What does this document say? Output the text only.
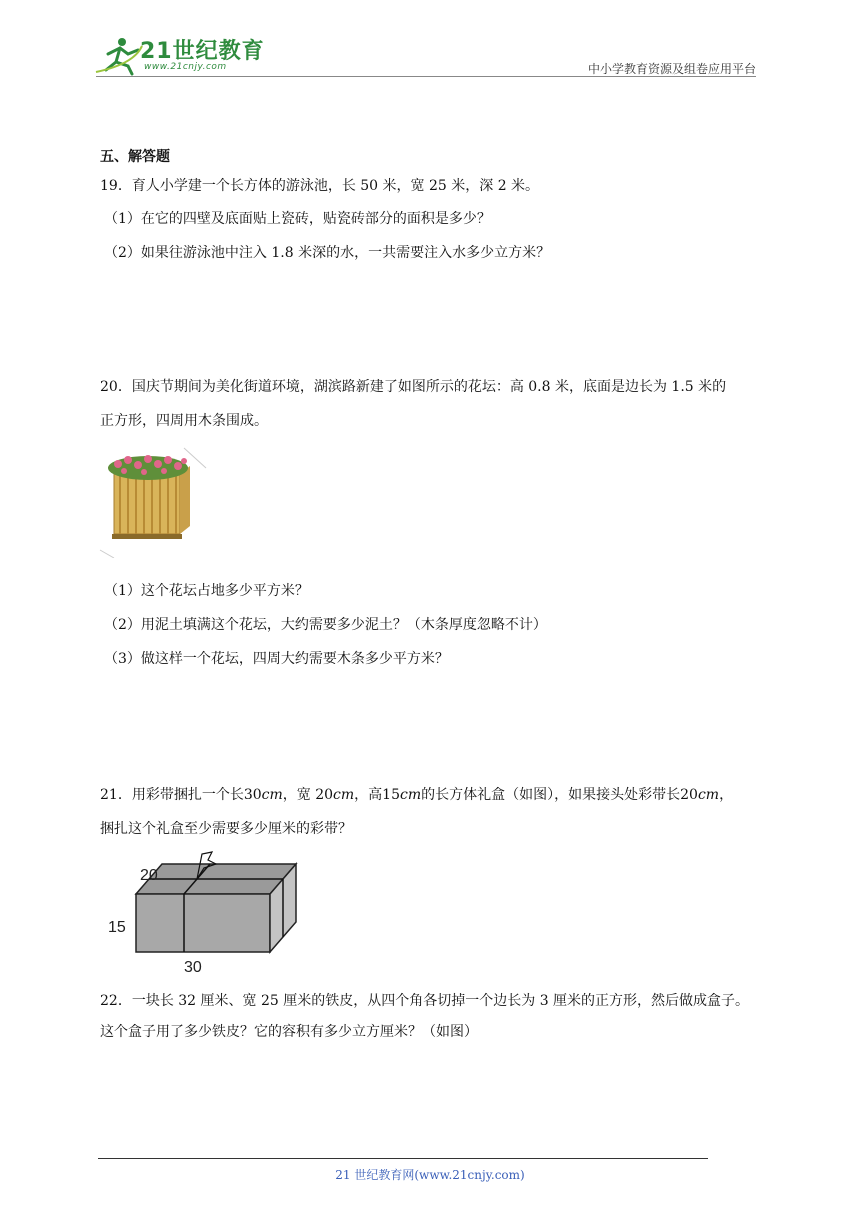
21世纪教育
www.21cnjy.com	中小学教育资源及组卷应用平台
五、解答题
19．育人小学建一个长方体的游泳池，长 50 米，宽 25 米，深 2 米。
（1）在它的四壁及底面贴上瓷砖，贴瓷砖部分的面积是多少？
（2）如果往游泳池中注入 1.8 米深的水，一共需要注入水多少立方米？
20．国庆节期间为美化街道环境，湖滨路新建了如图所示的花坛：高 0.8 米，底面是边长为 1.5 米的
正方形，四周用木条围成。
（1）这个花坛占地多少平方米？
（2）用泥土填满这个花坛，大约需要多少泥土？（木条厚度忽略不计）
（3）做这样一个花坛，四周大约需要木条多少平方米？
21．用彩带捆扎一个长30cm，宽 20cm，高15cm的长方体礼盒（如图），如果接头处彩带长20cm，
捆扎这个礼盒至少需要多少厘米的彩带？
20
15
30
22．一块长 32 厘米、宽 25 厘米的铁皮，从四个角各切掉一个边长为 3 厘米的正方形，然后做成盒子。
这个盒子用了多少铁皮？它的容积有多少立方厘米？（如图）
21 世纪教育网(www.21cnjy.com)
